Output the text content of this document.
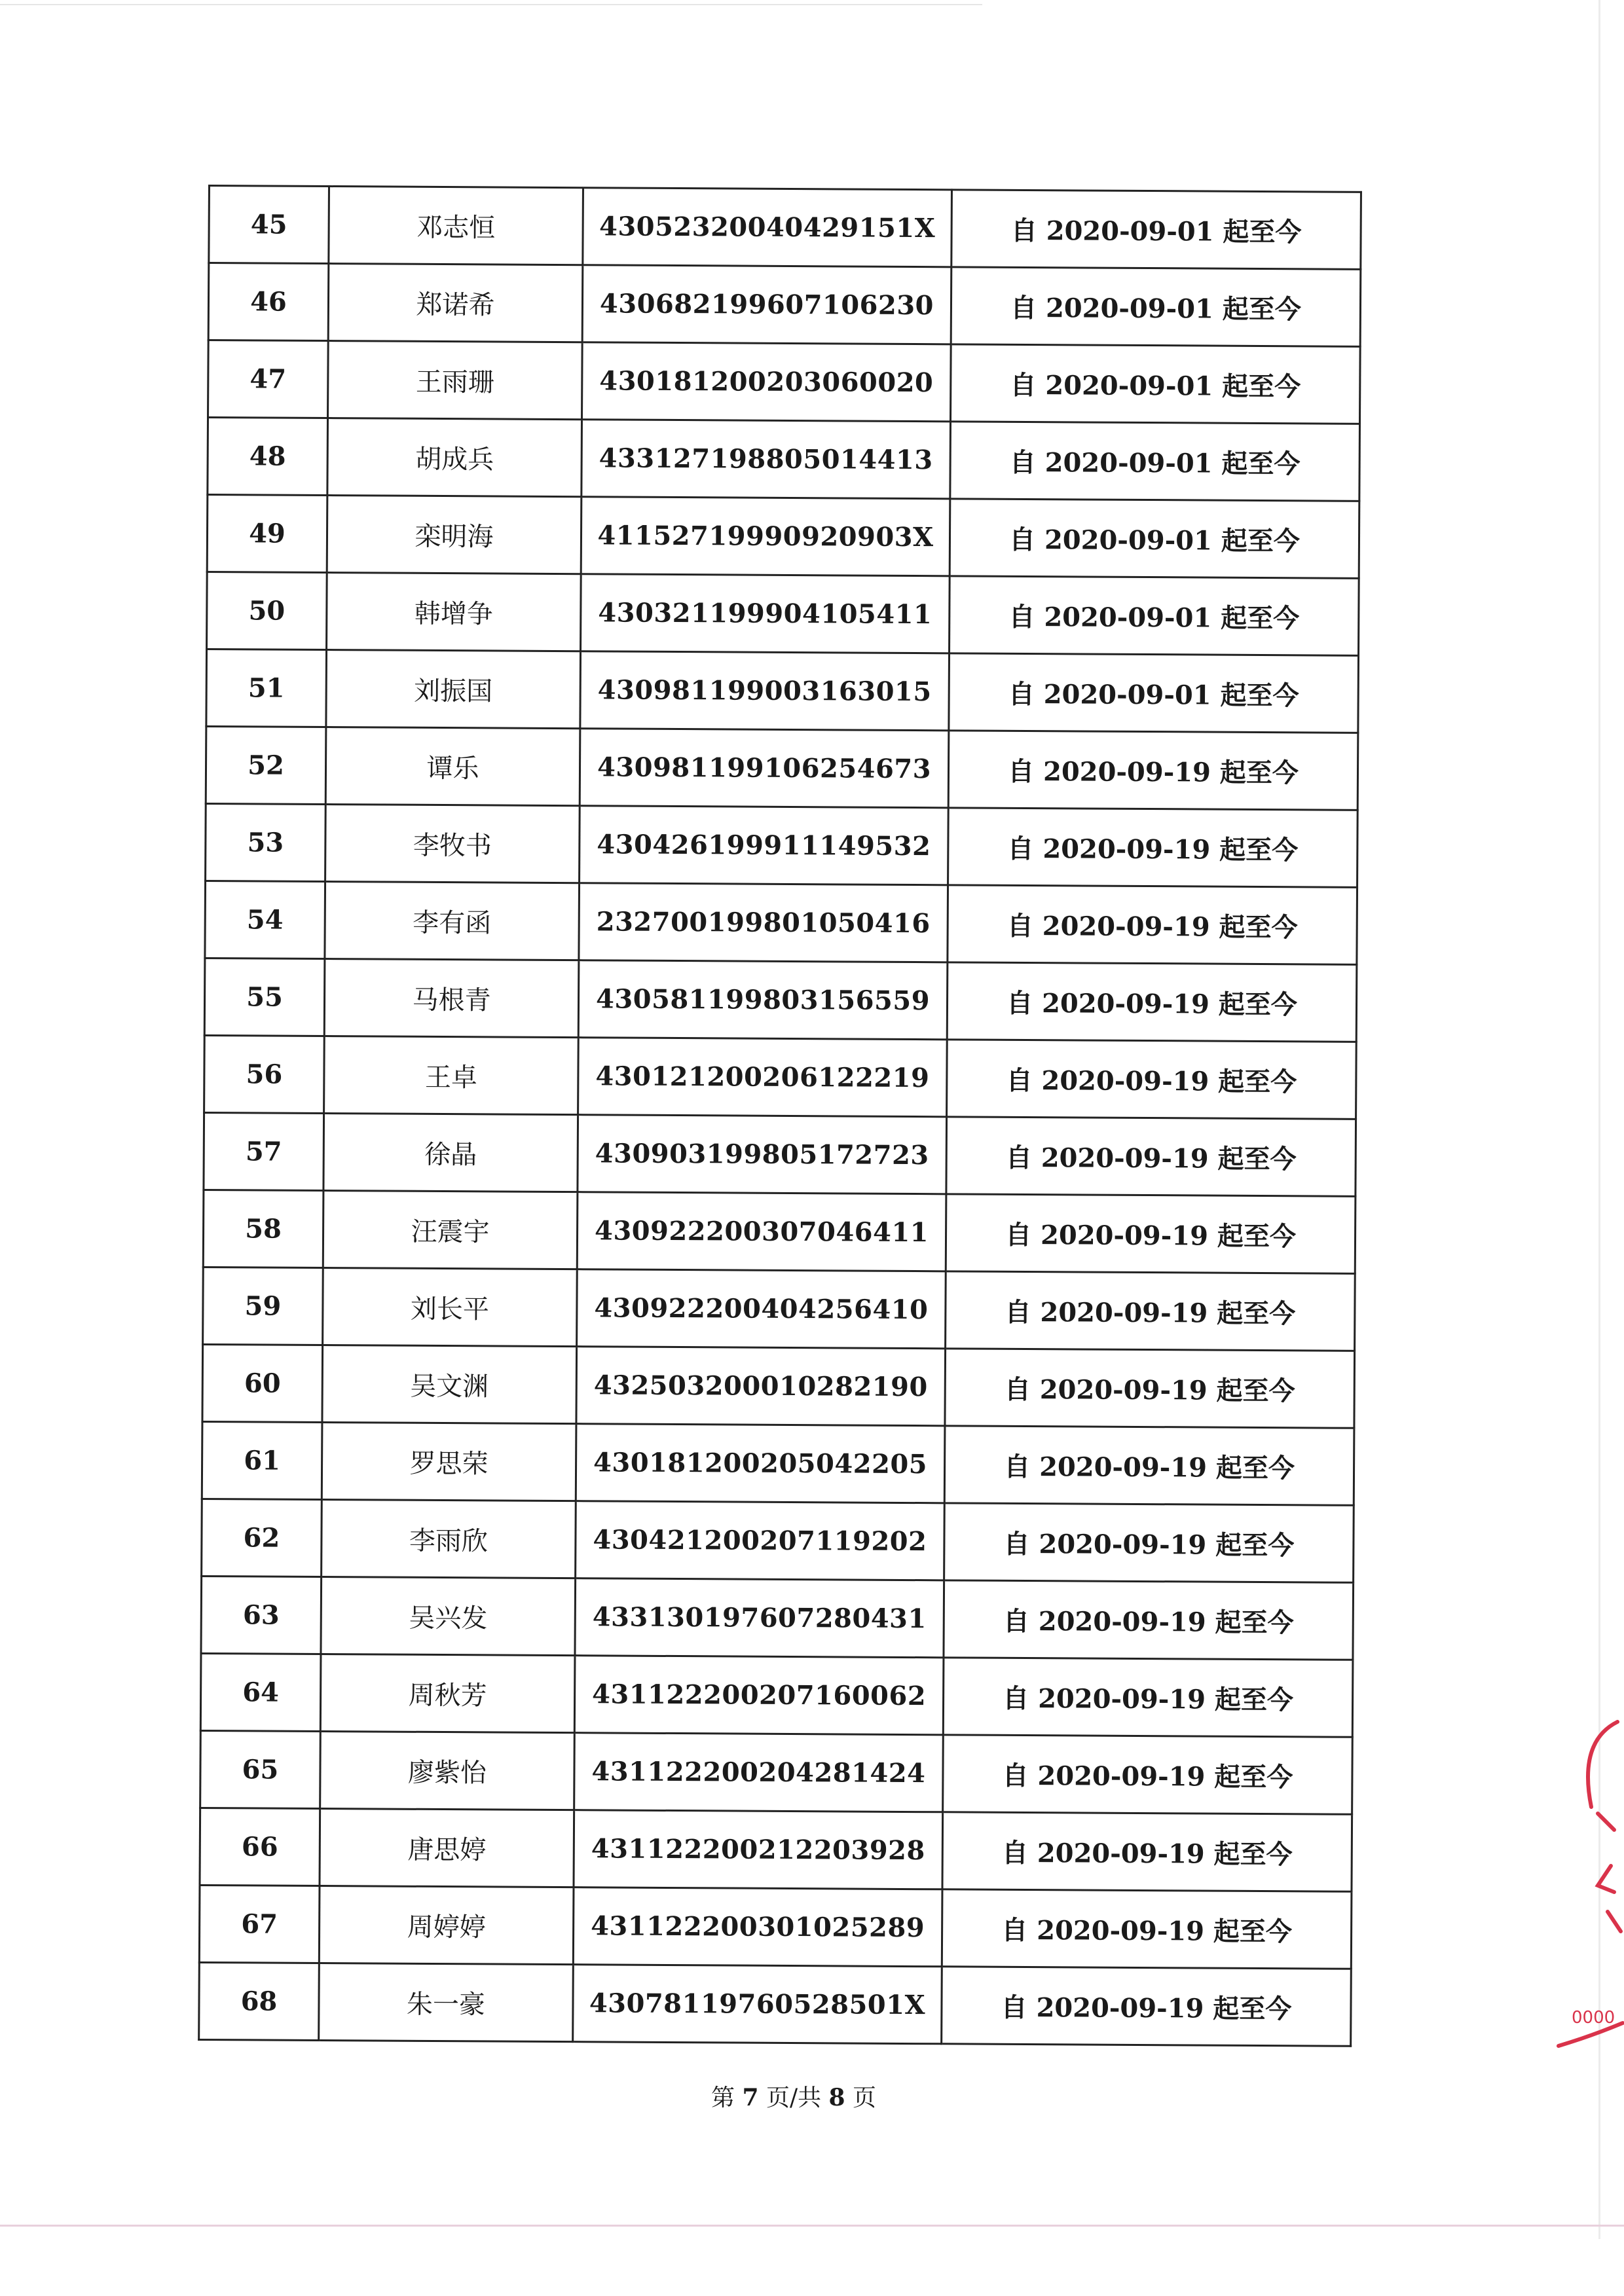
45	邓志恒	43052320040429151X	自 2020-09-01 起至今
46	郑诺希	430682199607106230	自 2020-09-01 起至今
47	王雨珊	430181200203060020	自 2020-09-01 起至今
48	胡成兵	433127198805014413	自 2020-09-01 起至今
49	栾明海	41152719990920903X	自 2020-09-01 起至今
50	韩增争	430321199904105411	自 2020-09-01 起至今
51	刘振国	430981199003163015	自 2020-09-01 起至今
52	谭乐	430981199106254673	自 2020-09-19 起至今
53	李牧书	430426199911149532	自 2020-09-19 起至今
54	李有函	232700199801050416	自 2020-09-19 起至今
55	马根青	430581199803156559	自 2020-09-19 起至今
56	王卓	430121200206122219	自 2020-09-19 起至今
57	徐晶	430903199805172723	自 2020-09-19 起至今
58	汪震宇	430922200307046411	自 2020-09-19 起至今
59	刘长平	430922200404256410	自 2020-09-19 起至今
60	吴文渊	432503200010282190	自 2020-09-19 起至今
61	罗思荣	430181200205042205	自 2020-09-19 起至今
62	李雨欣	430421200207119202	自 2020-09-19 起至今
63	吴兴发	433130197607280431	自 2020-09-19 起至今
64	周秋芳	431122200207160062	自 2020-09-19 起至今
65	廖紫怡	431122200204281424	自 2020-09-19 起至今
66	唐思婷	431122200212203928	自 2020-09-19 起至今
67	周婷婷	431122200301025289	自 2020-09-19 起至今
68	朱一豪	43078119760528501X	自 2020-09-19 起至今
第 7 页/共 8 页
0000
